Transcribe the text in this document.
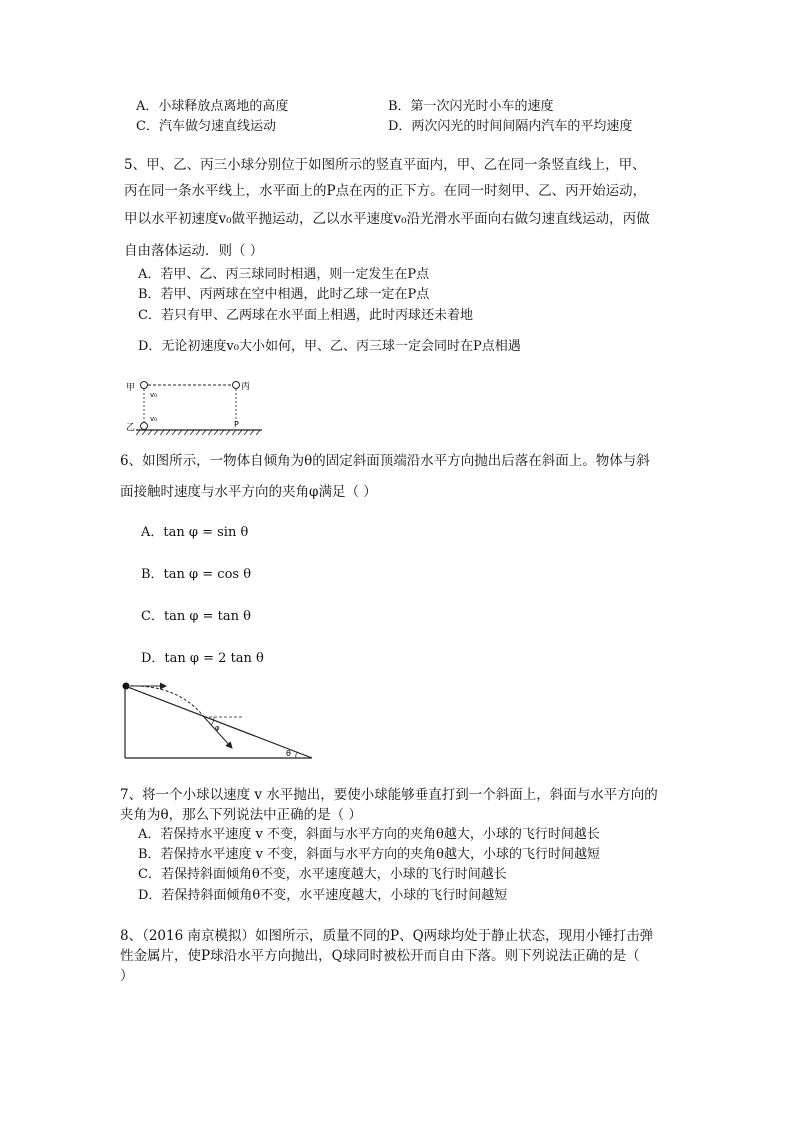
A．小球释放点离地的高度	B．第一次闪光时小车的速度
C．汽车做匀速直线运动	D．两次闪光的时间间隔内汽车的平均速度
5、甲、乙、丙三小球分别位于如图所示的竖直平面内，甲、乙在同一条竖直线上，甲、
丙在同一条水平线上，水平面上的P点在丙的正下方。在同一时刻甲、乙、丙开始运动，
甲以水平初速度v₀做平抛运动，乙以水平速度v₀沿光滑水平面向右做匀速直线运动，丙做
自由落体运动．则（ ）
A．若甲、乙、丙三球同时相遇，则一定发生在P点
B．若甲、丙两球在空中相遇，此时乙球一定在P点
C．若只有甲、乙两球在水平面上相遇，此时丙球还未着地
D．无论初速度v₀大小如何，甲、乙、丙三球一定会同时在P点相遇
甲	丙
v₀
v₀
乙	P
6、如图所示，一物体自倾角为θ的固定斜面顶端沿水平方向抛出后落在斜面上。物体与斜
面接触时速度与水平方向的夹角φ满足（ ）
A．tan φ = sin θ
B．tan φ = cos θ
C．tan φ = tan θ
D．tan φ = 2 tan θ
φ
θ
7、将一个小球以速度 v 水平抛出，要使小球能够垂直打到一个斜面上，斜面与水平方向的
夹角为θ，那么下列说法中正确的是（ ）
A．若保持水平速度 v 不变，斜面与水平方向的夹角θ越大，小球的飞行时间越长
B．若保持水平速度 v 不变，斜面与水平方向的夹角θ越大，小球的飞行时间越短
C．若保持斜面倾角θ不变，水平速度越大，小球的飞行时间越长
D．若保持斜面倾角θ不变，水平速度越大，小球的飞行时间越短
8、（2016 南京模拟）如图所示，质量不同的P、Q两球均处于静止状态，现用小锤打击弹
性金属片，使P球沿水平方向抛出，Q球同时被松开而自由下落。则下列说法正确的是（
）
